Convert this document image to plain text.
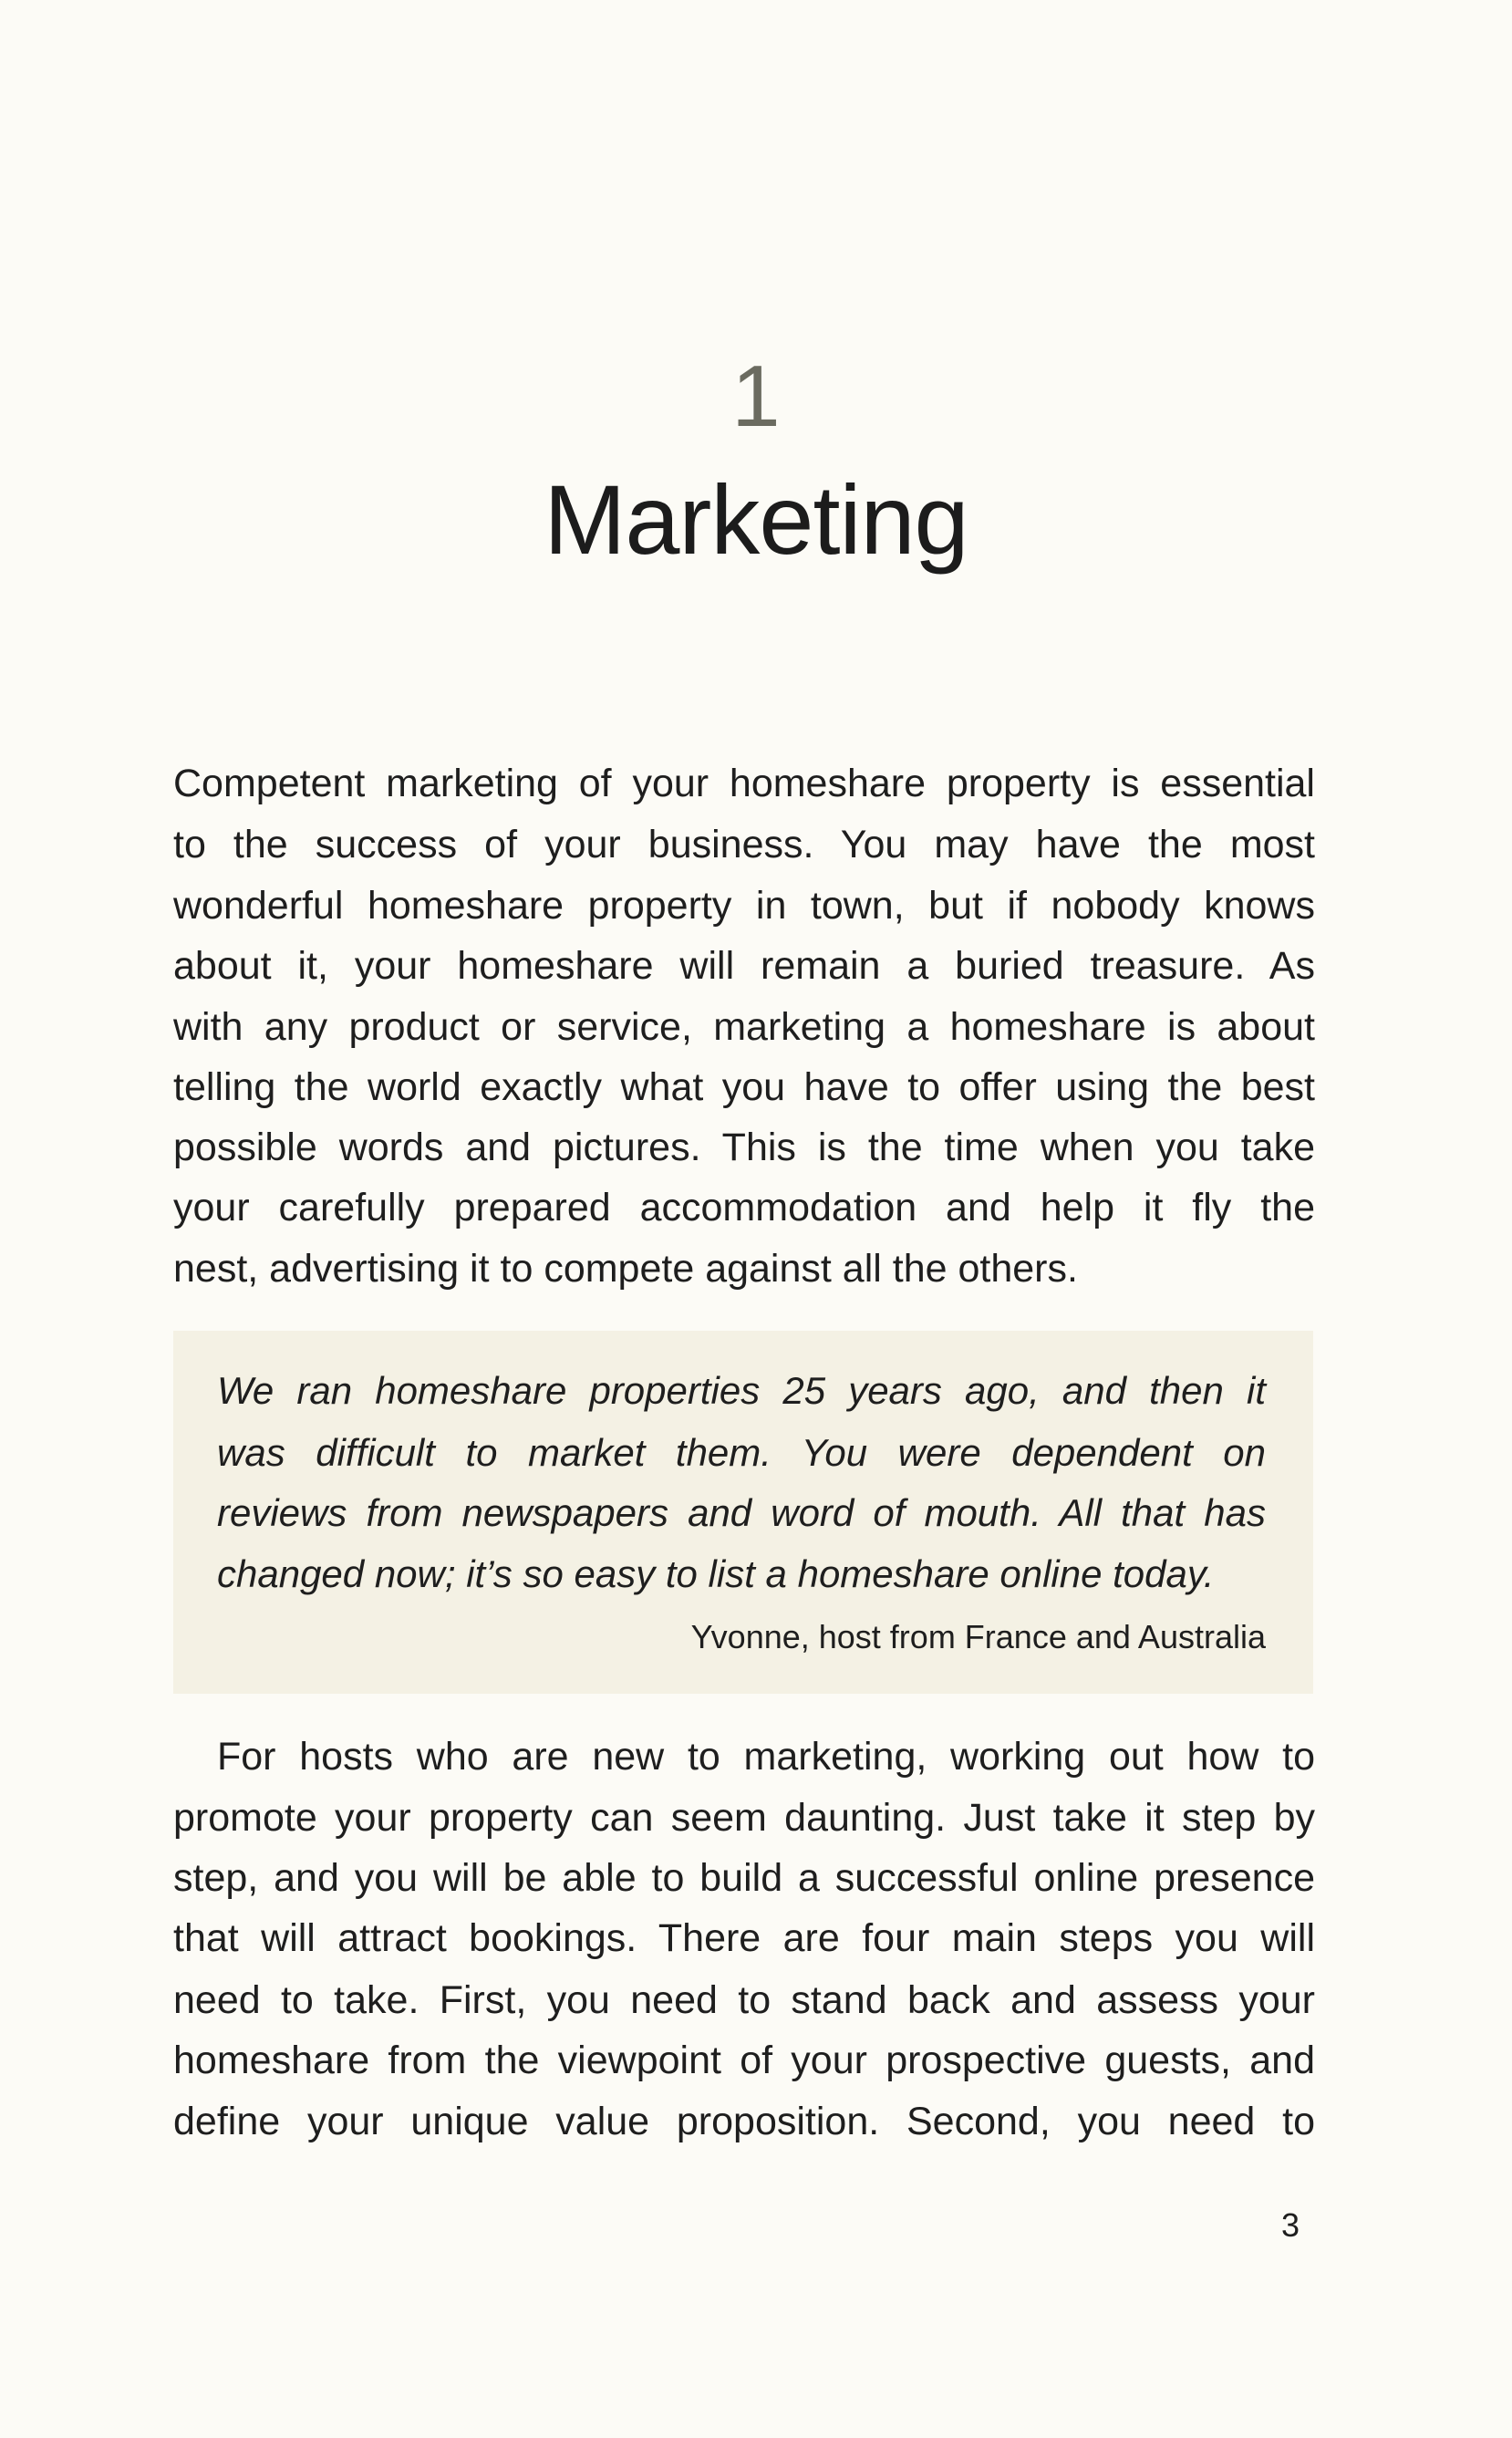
1
Marketing
Competent marketing of your homeshare property is essential
to the success of your business. You may have the most
wonderful homeshare property in town, but if nobody knows
about it, your homeshare will remain a buried treasure. As
with any product or service, marketing a homeshare is about
telling the world exactly what you have to offer using the best
possible words and pictures. This is the time when you take
your carefully prepared accommodation and help it fly the
nest, advertising it to compete against all the others.
We ran homeshare properties 25 years ago, and then it
was difficult to market them. You were dependent on
reviews from newspapers and word of mouth. All that has
changed now; it’s so easy to list a homeshare online today.
Yvonne, host from France and Australia
For hosts who are new to marketing, working out how to
promote your property can seem daunting. Just take it step by
step, and you will be able to build a successful online presence
that will attract bookings. There are four main steps you will
need to take. First, you need to stand back and assess your
homeshare from the viewpoint of your prospective guests, and
define your unique value proposition. Second, you need to
3
